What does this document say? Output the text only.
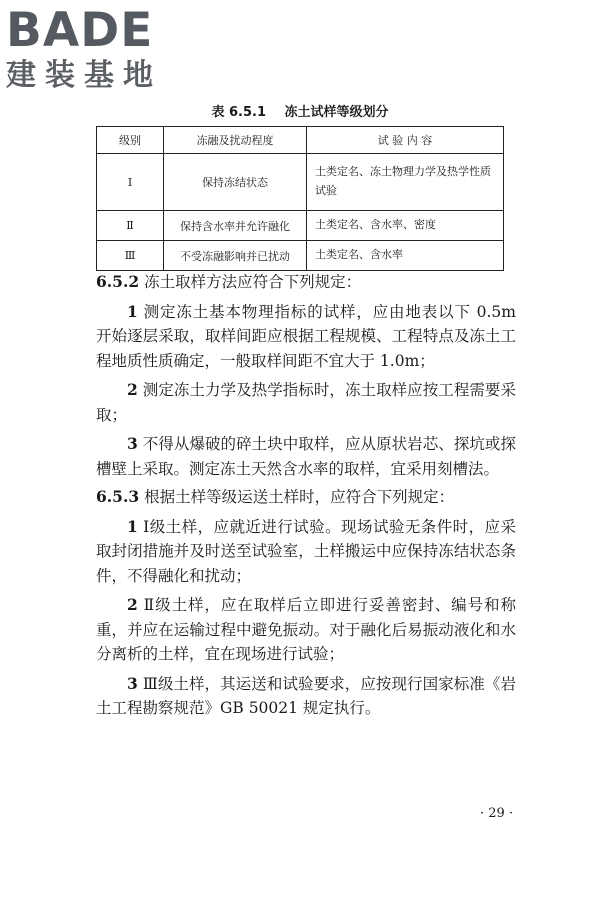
BADE
建装基地
表 6.5.1 冻土试样等级划分
级别	冻融及扰动程度	试 验 内 容
Ⅰ	保持冻结状态	土类定名、冻土物理力学及热学性质试验
Ⅱ	保持含水率并允许融化	土类定名、含水率、密度
Ⅲ	不受冻融影响并已扰动	土类定名、含水率

6.5.2 冻土取样方法应符合下列规定：

1 测定冻土基本物理指标的试样，应由地表以下 0.5m 开始逐层采取，取样间距应根据工程规模、工程特点及冻土工程地质性质确定，一般取样间距不宜大于 1.0m；

2 测定冻土力学及热学指标时，冻土取样应按工程需要采取；

3 不得从爆破的碎土块中取样，应从原状岩芯、探坑或探槽壁上采取。测定冻土天然含水率的取样，宜采用刻槽法。

6.5.3 根据土样等级运送土样时，应符合下列规定：

1 Ⅰ级土样，应就近进行试验。现场试验无条件时，应采取封闭措施并及时送至试验室，土样搬运中应保持冻结状态条件，不得融化和扰动；

2 Ⅱ级土样，应在取样后立即进行妥善密封、编号和称重，并应在运输过程中避免振动。对于融化后易振动液化和水分离析的土样，宜在现场进行试验；

3 Ⅲ级土样，其运送和试验要求，应按现行国家标准《岩土工程勘察规范》GB 50021 规定执行。

· 29 ·
